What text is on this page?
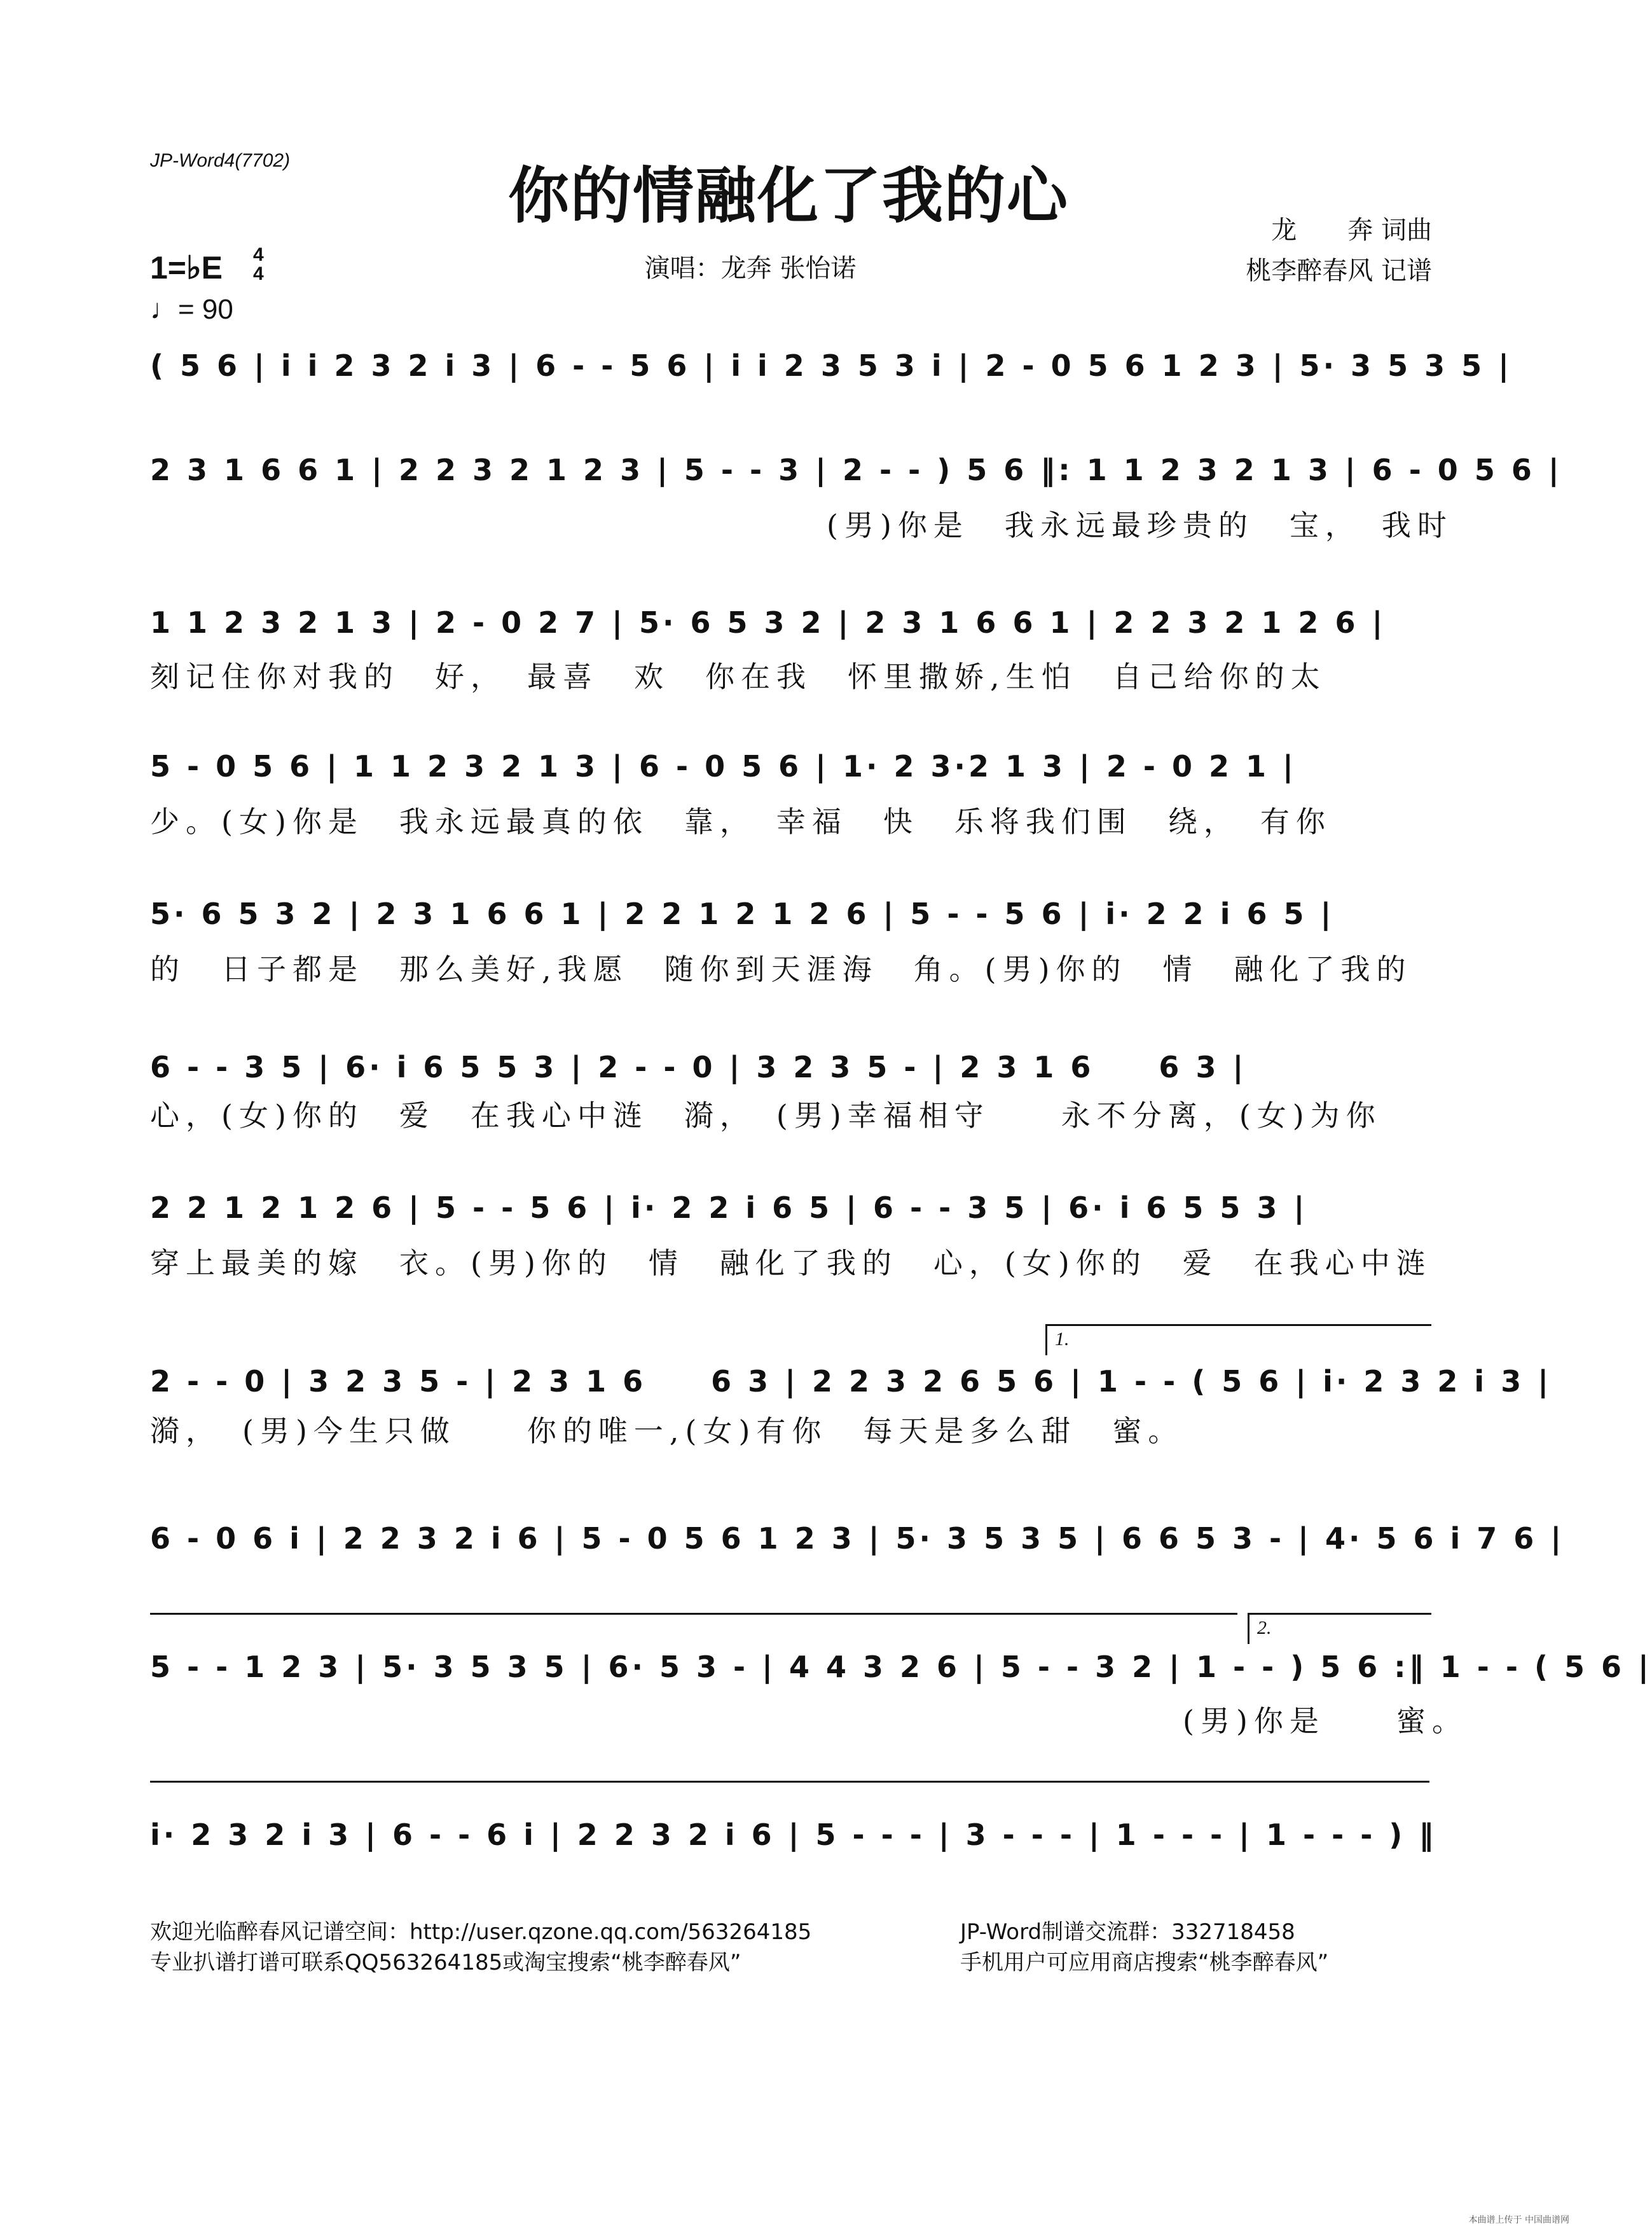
JP-Word4(7702)	你的情融化了我的心	龙　　奔 词曲
桃李醉春风 记谱
演唱：龙奔 张怡诺
1=♭E 4
4
♩= 90
( 5 6 | i i 2 3 2 i 3 | 6 - - 5 6 | i i 2 3 5 3 i | 2 - 0 5 6 1 2 3 | 5· 3 5 3 5 |
2 3 1 6 6 1 | 2 2 3 2 1 2 3 | 5 - - 3 | 2 - - ) 5 6 ‖: 1 1 2 3 2 1 3 | 6 - 0 5 6 |
　　　　　　　　　　　　　　　　　　　(男)你是　我永远最珍贵的　宝，　我时
1 1 2 3 2 1 3 | 2 - 0 2 7 | 5· 6 5 3 2 | 2 3 1 6 6 1 | 2 2 3 2 1 2 6 |
刻记住你对我的　好，　最喜　欢　你在我　怀里撒娇,生怕　自己给你的太
5 - 0 5 6 | 1 1 2 3 2 1 3 | 6 - 0 5 6 | 1· 2 3·2 1 3 | 2 - 0 2 1 |
少。(女)你是　我永远最真的依　靠，　幸福　快　乐将我们围　绕，　有你
5· 6 5 3 2 | 2 3 1 6 6 1 | 2 2 1 2 1 2 6 | 5 - - 5 6 | i· 2 2 i 6 5 |
的　日子都是　那么美好,我愿　随你到天涯海　角。(男)你的　情　融化了我的
6 - - 3 5 | 6· i 6 5 5 3 | 2 - - 0 | 3 2 3 5 - | 2 3 1 6　　6 3 |
心，(女)你的　爱　在我心中涟　漪，　(男)幸福相守　　永不分离，(女)为你
2 2 1 2 1 2 6 | 5 - - 5 6 | i· 2 2 i 6 5 | 6 - - 3 5 | 6· i 6 5 5 3 |
穿上最美的嫁　衣。(男)你的　情　融化了我的　心，(女)你的　爱　在我心中涟
1.
2 - - 0 | 3 2 3 5 - | 2 3 1 6　　6 3 | 2 2 3 2 6 5 6 | 1 - - ( 5 6 | i· 2 3 2 i 3 |
漪，　(男)今生只做　　你的唯一,(女)有你　每天是多么甜　蜜。
6 - 0 6 i | 2 2 3 2 i 6 | 5 - 0 5 6 1 2 3 | 5· 3 5 3 5 | 6 6 5 3 - | 4· 5 6 i 7 6 |
2.
5 - - 1 2 3 | 5· 3 5 3 5 | 6· 5 3 - | 4 4 3 2 6 | 5 - - 3 2 | 1 - - ) 5 6 :‖ 1 - - ( 5 6 |
　　　　　　　　　　　　　　　　　　　　　　　　　　　　　(男)你是　　蜜。
i· 2 3 2 i 3 | 6 - - 6 i | 2 2 3 2 i 6 | 5 - - - | 3 - - - | 1 - - - | 1 - - - ) ‖
欢迎光临醉春风记谱空间：http://user.qzone.qq.com/563264185	JP-Word制谱交流群：332718458
专业扒谱打谱可联系QQ563264185或淘宝搜索“桃李醉春风”	手机用户可应用商店搜索“桃李醉春风”
本曲谱上传于 中国曲谱网
